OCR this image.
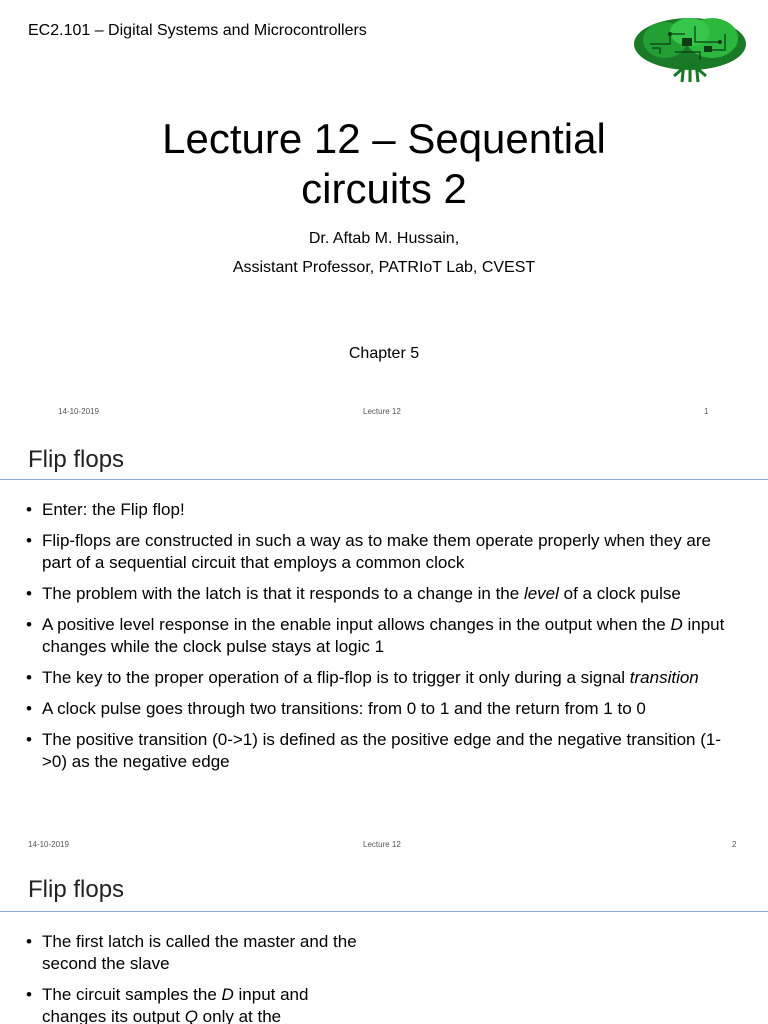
EC2.101 – Digital Systems and Microcontrollers
Lecture 12 – Sequential
circuits 2
Dr. Aftab M. Hussain,
Assistant Professor, PATRIoT Lab, CVEST
Chapter 5
14-10-2019	Lecture 12	1
Flip flops
• Enter: the Flip flop!
• Flip-flops are constructed in such a way as to make them operate properly when they are part of a sequential circuit that employs a common clock
• The problem with the latch is that it responds to a change in the level of a clock pulse
• A positive level response in the enable input allows changes in the output when the D input changes while the clock pulse stays at logic 1
• The key to the proper operation of a flip-flop is to trigger it only during a signal transition
• A clock pulse goes through two transitions: from 0 to 1 and the return from 1 to 0
• The positive transition (0->1) is defined as the positive edge and the negative transition (1->0) as the negative edge
14-10-2019	Lecture 12	2
Flip flops
• The first latch is called the master and the second the slave
• The circuit samples the D input and changes its output Q only at the
